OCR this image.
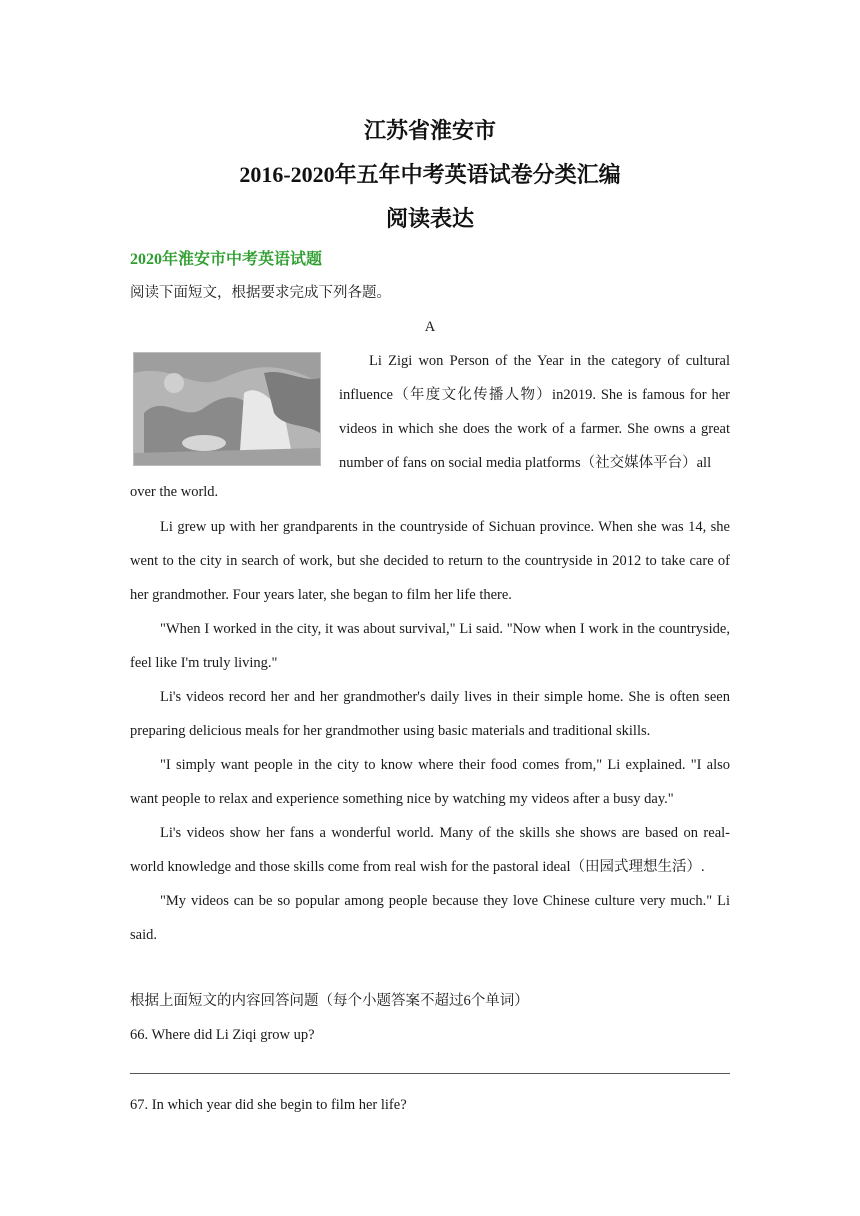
江苏省淮安市
2016-2020年五年中考英语试卷分类汇编
阅读表达
2020年淮安市中考英语试题
阅读下面短文，根据要求完成下列各题。
A
Li Zigi won Person of the Year in the category of cultural influence（年度文化传播人物）in2019. She is famous for her videos in which she does the work of a farmer. She owns a great number of fans on social media platforms（社交媒体平台）all
over the world.

Li grew up with her grandparents in the countryside of Sichuan province. When she was 14, she went to the city in search of work, but she decided to return to the countryside in 2012 to take care of her grandmother. Four years later, she began to film her life there.

"When I worked in the city, it was about survival," Li said. "Now when I work in the countryside, feel like I'm truly living."

Li's videos record her and her grandmother's daily lives in their simple home. She is often seen preparing delicious meals for her grandmother using basic materials and traditional skills.

"I simply want people in the city to know where their food comes from," Li explained. "I also want people to relax and experience something nice by watching my videos after a busy day."

Li's videos show her fans a wonderful world. Many of the skills she shows are based on real-world knowledge and those skills come from real wish for the pastoral ideal（田园式理想生活）.

"My videos can be so popular among people because they love Chinese culture very much." Li said.

根据上面短文的内容回答问题（每个小题答案不超过6个单词）
66. Where did Li Ziqi grow up?
67. In which year did she begin to film her life?
